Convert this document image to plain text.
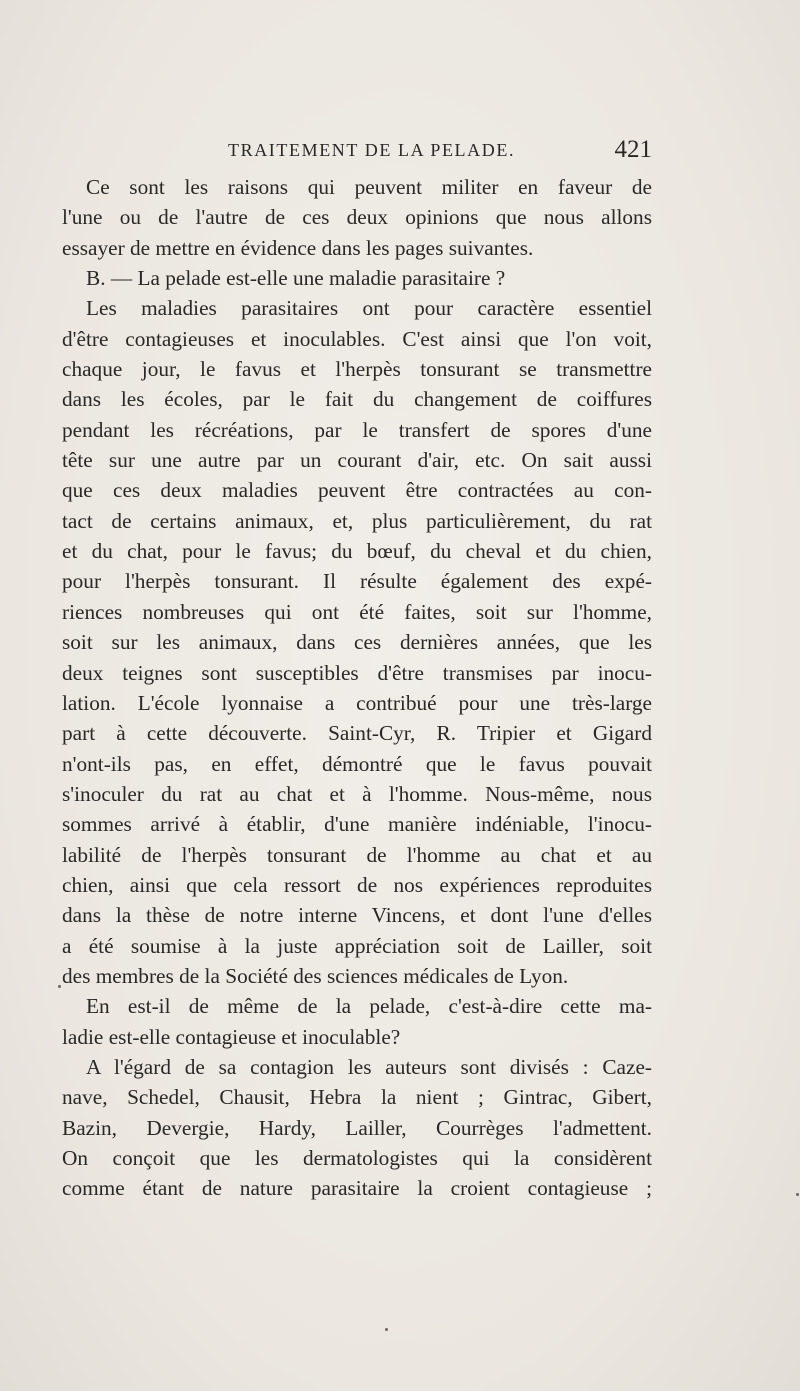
TRAITEMENT DE LA PELADE.	421
Ce sont les raisons qui peuvent militer en faveur de
l'une ou de l'autre de ces deux opinions que nous allons
essayer de mettre en évidence dans les pages suivantes.
B. — La pelade est-elle une maladie parasitaire ?
Les maladies parasitaires ont pour caractère essentiel
d'être contagieuses et inoculables. C'est ainsi que l'on voit,
chaque jour, le favus et l'herpès tonsurant se transmettre
dans les écoles, par le fait du changement de coiffures
pendant les récréations, par le transfert de spores d'une
tête sur une autre par un courant d'air, etc. On sait aussi
que ces deux maladies peuvent être contractées au con-
tact de certains animaux, et, plus particulièrement, du rat
et du chat, pour le favus; du bœuf, du cheval et du chien,
pour l'herpès tonsurant. Il résulte également des expé-
riences nombreuses qui ont été faites, soit sur l'homme,
soit sur les animaux, dans ces dernières années, que les
deux teignes sont susceptibles d'être transmises par inocu-
lation. L'école lyonnaise a contribué pour une très-large
part à cette découverte. Saint-Cyr, R. Tripier et Gigard
n'ont-ils pas, en effet, démontré que le favus pouvait
s'inoculer du rat au chat et à l'homme. Nous-même, nous
sommes arrivé à établir, d'une manière indéniable, l'inocu-
labilité de l'herpès tonsurant de l'homme au chat et au
chien, ainsi que cela ressort de nos expériences reproduites
dans la thèse de notre interne Vincens, et dont l'une d'elles
a été soumise à la juste appréciation soit de Lailler, soit
des membres de la Société des sciences médicales de Lyon.
En est-il de même de la pelade, c'est-à-dire cette ma-
ladie est-elle contagieuse et inoculable?
A l'égard de sa contagion les auteurs sont divisés : Caze-
nave, Schedel, Chausit, Hebra la nient ; Gintrac, Gibert,
Bazin, Devergie, Hardy, Lailler, Courrèges l'admettent.
On conçoit que les dermatologistes qui la considèrent
comme étant de nature parasitaire la croient contagieuse ;
